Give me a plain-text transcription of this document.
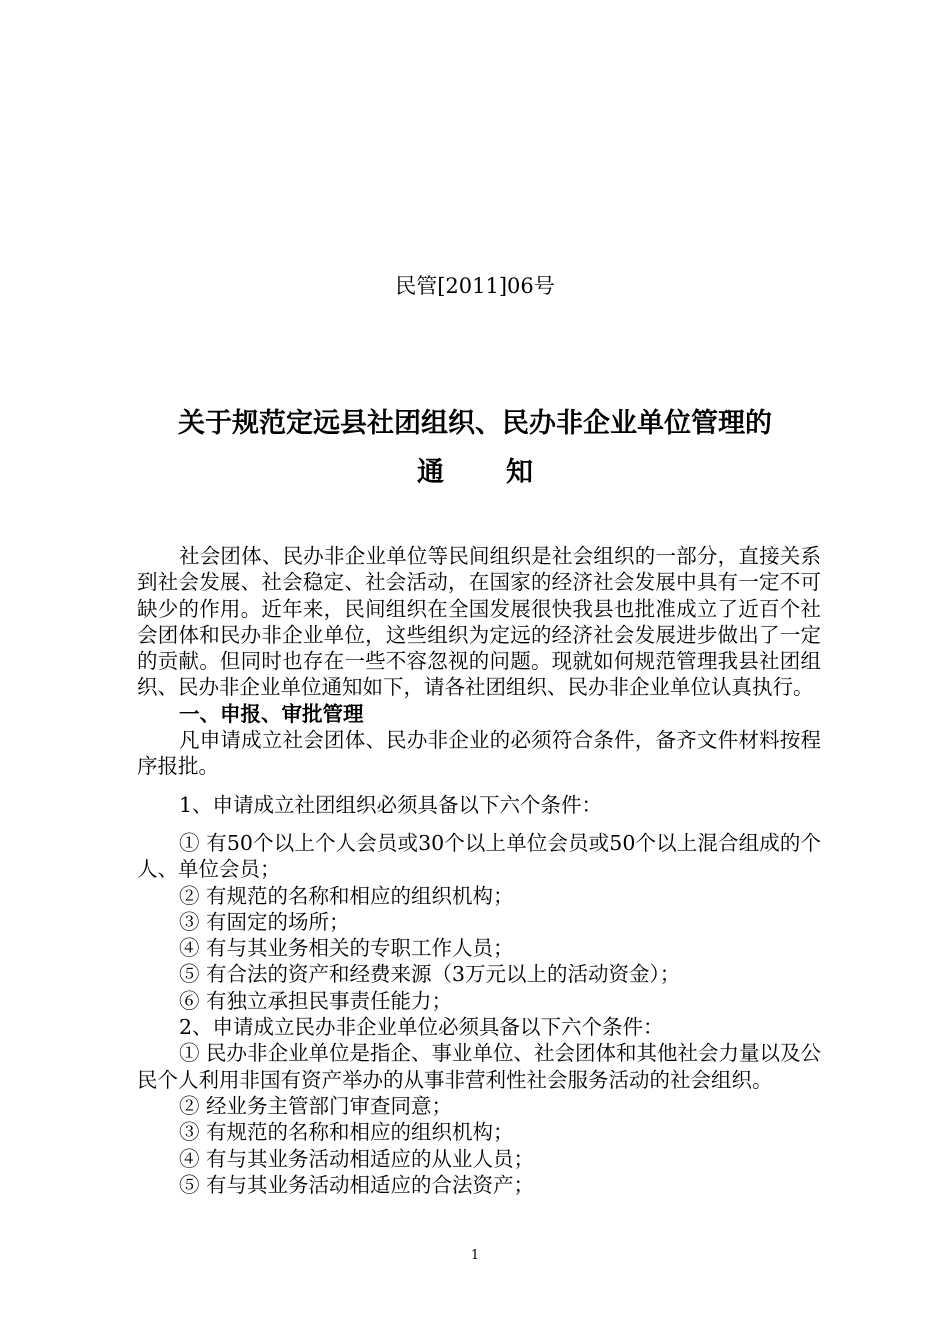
民管[2011]06号
关于规范定远县社团组织、民办非企业单位管理的
通 知

社会团体、民办非企业单位等民间组织是社会组织的一部分，直接关系到社会发展、社会稳定、社会活动，在国家的经济社会发展中具有一定不可缺少的作用。近年来，民间组织在全国发展很快我县也批准成立了近百个社会团体和民办非企业单位，这些组织为定远的经济社会发展进步做出了一定的贡献。但同时也存在一些不容忽视的问题。现就如何规范管理我县社团组织、民办非企业单位通知如下，请各社团组织、民办非企业单位认真执行。

一、申报、审批管理

凡申请成立社会团体、民办非企业的必须符合条件，备齐文件材料按程序报批。

1、申请成立社团组织必须具备以下六个条件：

① 有50个以上个人会员或30个以上单位会员或50个以上混合组成的个人、单位会员；

② 有规范的名称和相应的组织机构；

③ 有固定的场所；

④ 有与其业务相关的专职工作人员；

⑤ 有合法的资产和经费来源（3万元以上的活动资金）；

⑥ 有独立承担民事责任能力；

2、申请成立民办非企业单位必须具备以下六个条件：

① 民办非企业单位是指企、事业单位、社会团体和其他社会力量以及公民个人利用非国有资产举办的从事非营利性社会服务活动的社会组织。

② 经业务主管部门审查同意；

③ 有规范的名称和相应的组织机构；

④ 有与其业务活动相适应的从业人员；

⑤ 有与其业务活动相适应的合法资产；

1
